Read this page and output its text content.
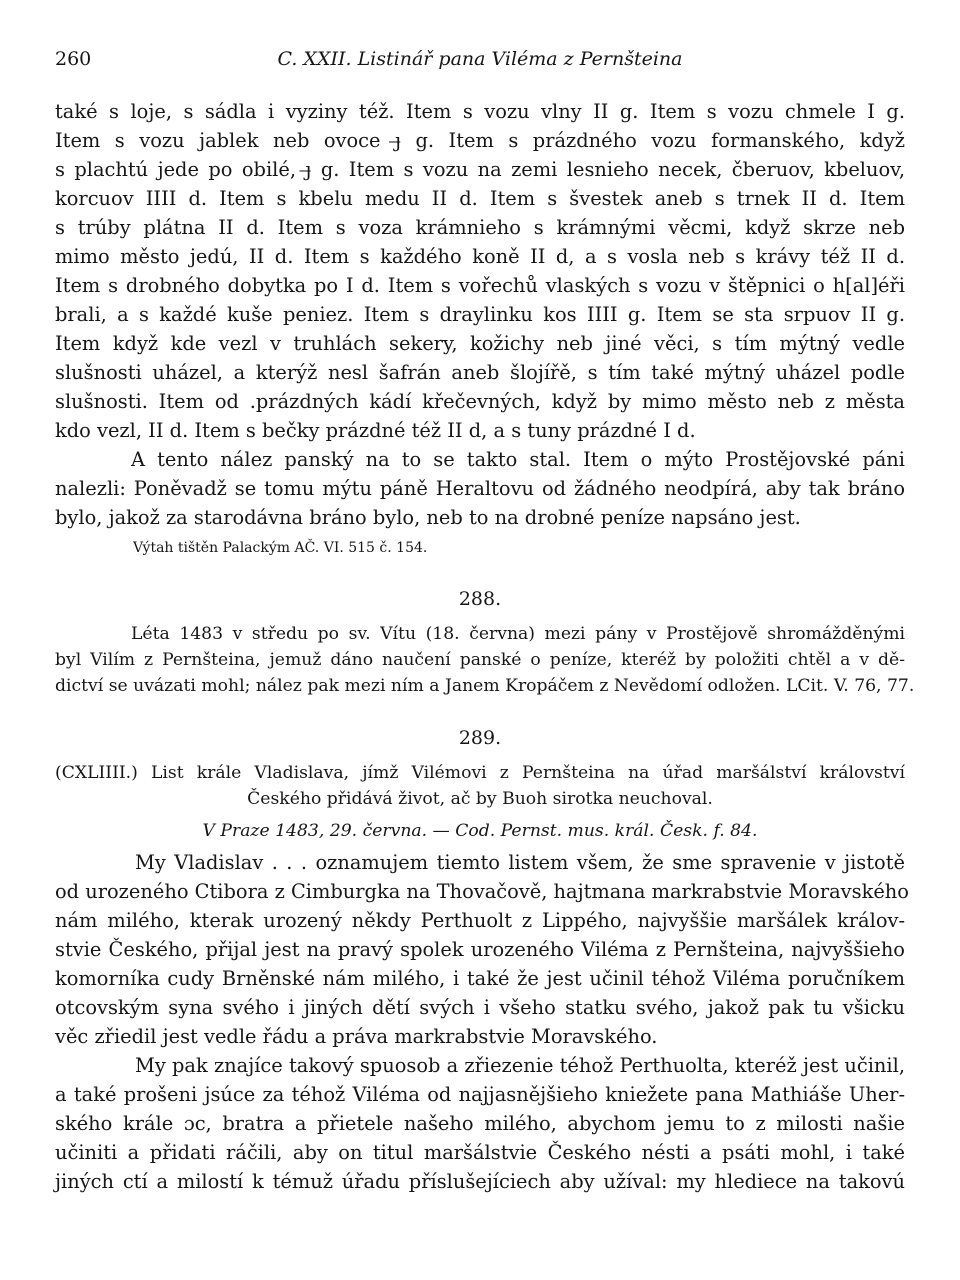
260	C. XXII. Listinář pana Viléma z Pernšteina
také s loje, s sádla i vyziny též. Item s vozu vlny II g. Item s vozu chmele I g.
Item s vozu jablek neb ovoce ȷ̶ g. Item s prázdného vozu formanského, když
s plachtú jede po obilé, ȷ̶ g. Item s vozu na zemi lesnieho necek, čberuov, kbeluov,
korcuov IIII d. Item s kbelu medu II d. Item s švestek aneb s trnek II d. Item
s trúby plátna II d. Item s voza krámnieho s krámnými věcmi, když skrze neb
mimo město jedú, II d. Item s každého koně II d, a s vosla neb s krávy též II d.
Item s drobného dobytka po I d. Item s vořechů vlaských s vozu v štěpnici o h[al]éři
brali, a s každé kuše peniez. Item s draylinku kos IIII g. Item se sta srpuov II g.
Item když kde vezl v truhlách sekery, kožichy neb jiné věci, s tím mýtný vedle
slušnosti uházel, a kterýž nesl šafrán aneb šlojířě, s tím také mýtný uházel podle
slušnosti. Item od .prázdných kádí křečevných, když by mimo město neb z města
kdo vezl, II d. Item s bečky prázdné též II d, a s tuny prázdné I d.
A tento nález panský na to se takto stal. Item o mýto Prostějovské páni
nalezli: Poněvadž se tomu mýtu páně Heraltovu od žádného neodpírá, aby tak bráno
bylo, jakož za starodávna bráno bylo, neb to na drobné peníze napsáno jest.
Výtah tištěn Palackým AČ. VI. 515 č. 154.
288.
Léta 1483 v středu po sv. Vítu (18. června) mezi pány v Prostějově shromážděnými
byl Vilím z Pernšteina, jemuž dáno naučení panské o peníze, kteréž by položiti chtěl a v dě-
dictví se uvázati mohl; nález pak mezi ním a Janem Kropáčem z Nevědomí odložen. LCit. V. 76, 77.
289.
(CXLIIII.) List krále Vladislava, jímž Vilémovi z Pernšteina na úřad maršálství království
Českého přidává život, ač by Buoh sirotka neuchoval.
V Praze 1483, 29. června. — Cod. Pernst. mus. král. Česk. f. 84.
My Vladislav . . . oznamujem tiemto listem všem, že sme spravenie v jistotě
od urozeného Ctibora z Cimburgka na Thovačově, hajtmana markrabstvie Moravského
nám milého, kterak urozený někdy Perthuolt z Lippého, najvyššie maršálek králov-
stvie Českého, přijal jest na pravý spolek urozeného Viléma z Pernšteina, najvyššieho
komorníka cudy Brněnské nám milého, i také že jest učinil téhož Viléma poručníkem
otcovským syna svého i jiných dětí svých i všeho statku svého, jakož pak tu všicku
věc zřiedil jest vedle řádu a práva markrabstvie Moravského.
My pak znajíce takový spuosob a zřiezenie téhož Perthuolta, kteréž jest učinil,
a také prošeni jsúce za téhož Viléma od najjasnějšieho kniežete pana Mathiáše Uher-
ského krále ɔc, bratra a přietele našeho milého, abychom jemu to z milosti našie
učiniti a přidati ráčili, aby on titul maršálstvie Českého nésti a psáti mohl, i také
jiných ctí a milostí k témuž úřadu příslušejíciech aby užíval: my hlediece na takovú
